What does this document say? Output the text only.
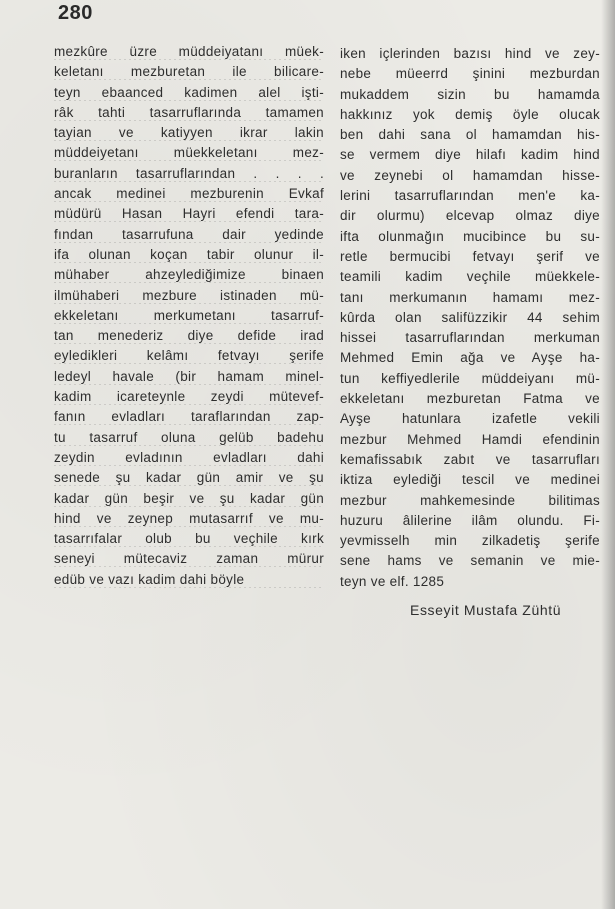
280
mezkûre üzre müddeiyatanı müek-
keletanı mezburetan ile bilicare-
teyn ebaanced kadimen alel işti-
râk tahti tasarruflarında tamamen
tayian ve katiyyen ikrar lakin
müddeiyetanı müekkeletanı mez-
buranların tasarruflarından . . . .
ancak medinei mezburenin Evkaf
müdürü Hasan Hayri efendi tara-
fından tasarrufuna dair yedinde
ifa olunan koçan tabir olunur il-
mühaber ahzeylediğimize binaen
ilmühaberi mezbure istinaden mü-
ekkeletanı merkumetanı tasarruf-
tan menederiz diye defide irad
eyledikleri kelâmı fetvayı şerife
ledeyl havale (bir hamam minel-
kadim icareteynle zeydi mütevef-
fanın evladları taraflarından zap-
tu tasarruf oluna gelüb badehu
zeydin evladının evladları dahi
senede şu kadar gün amir ve şu
kadar gün beşir ve şu kadar gün
hind ve zeynep mutasarrıf ve mu-
tasarrıfalar olub bu veçhile kırk
seneyi mütecaviz zaman mürur
edüb ve vazı kadim dahi böyle
iken içlerinden bazısı hind ve zey-
nebe müeerrd şinini mezburdan
mukaddem sizin bu hamamda
hakkınız yok demiş öyle olucak
ben dahi sana ol hamamdan his-
se vermem diye hilafı kadim hind
ve zeynebi ol hamamdan hisse-
lerini tasarruflarından men'e ka-
dir olurmu) elcevap olmaz diye
ifta olunmağın mucibince bu su-
retle bermucibi fetvayı şerif ve
teamili kadim veçhile müekkele-
tanı merkumanın hamamı mez-
kûrda olan salifüzzikir 44 sehim
hissei tasarruflarından merkuman
Mehmed Emin ağa ve Ayşe ha-
tun keffiyedlerile müddeiyanı mü-
ekkeletanı mezburetan Fatma ve
Ayşe hatunlara izafetle vekili
mezbur Mehmed Hamdi efendinin
kemafissabık zabıt ve tasarrufları
iktiza eylediği tescil ve medinei
mezbur mahkemesinde bilitimas
huzuru âlilerine ilâm olundu. Fi-
yevmisselh min zilkadetiş şerife
sene hams ve semanin ve mie-
teyn ve elf. 1285
Esseyit Mustafa Zühtü
